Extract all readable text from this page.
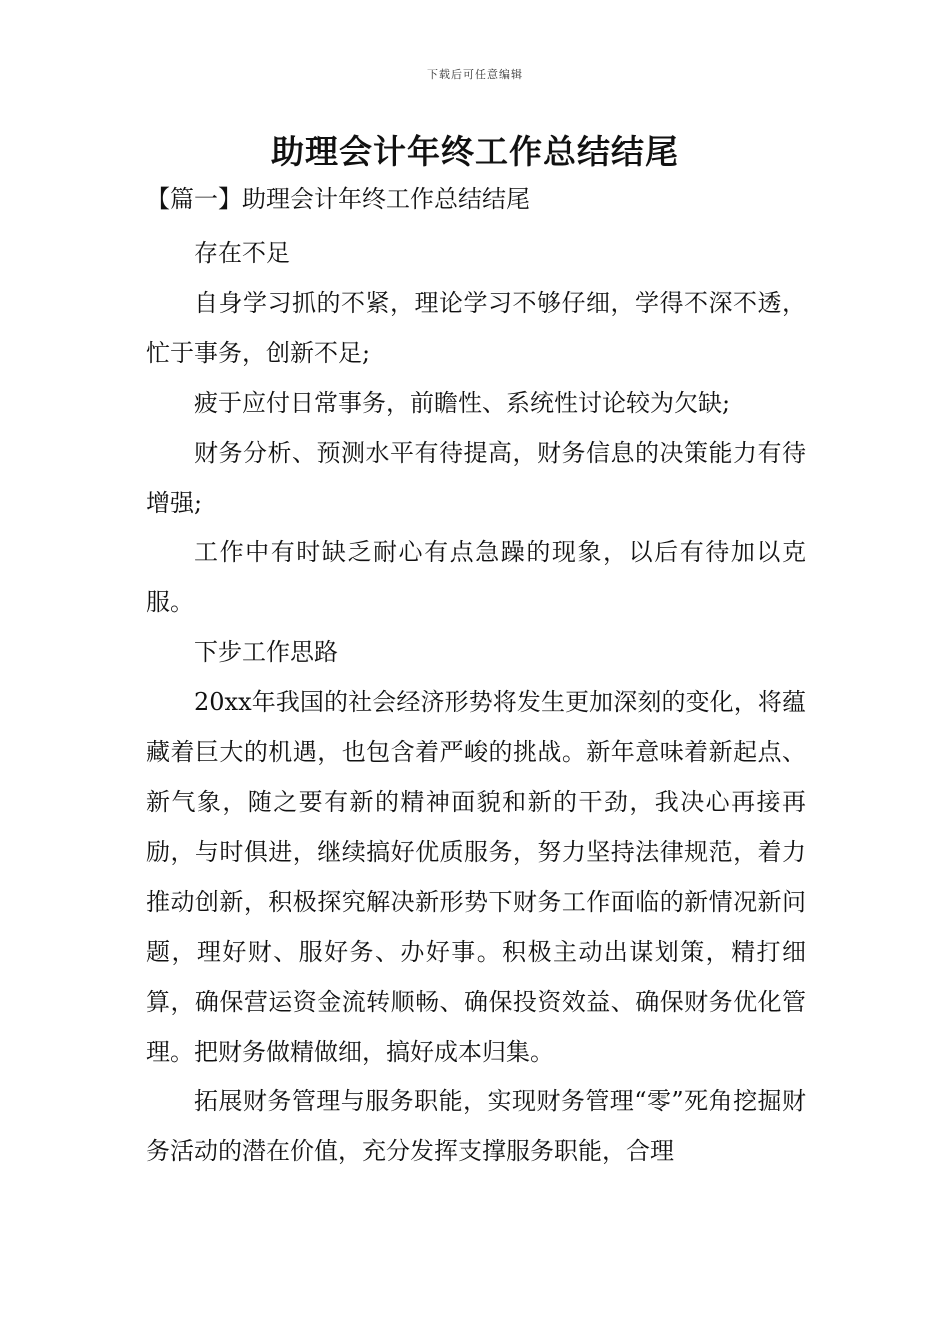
下载后可任意编辑
助理会计年终工作总结结尾
【篇一】助理会计年终工作总结结尾

存在不足

自身学习抓的不紧，理论学习不够仔细，学得不深不透，忙于事务，创新不足;

疲于应付日常事务，前瞻性、系统性讨论较为欠缺;

财务分析、预测水平有待提高，财务信息的决策能力有待增强;

工作中有时缺乏耐心有点急躁的现象，以后有待加以克服。

下步工作思路

20xx年我国的社会经济形势将发生更加深刻的变化，将蕴藏着巨大的机遇，也包含着严峻的挑战。新年意味着新起点、新气象，随之要有新的精神面貌和新的干劲，我决心再接再励，与时俱进，继续搞好优质服务，努力坚持法律规范，着力推动创新，积极探究解决新形势下财务工作面临的新情况新问题，理好财、服好务、办好事。积极主动出谋划策，精打细算，确保营运资金流转顺畅、确保投资效益、确保财务优化管理。把财务做精做细，搞好成本归集。

拓展财务管理与服务职能，实现财务管理“零”死角挖掘财务活动的潜在价值，充分发挥支撑服务职能，合理
